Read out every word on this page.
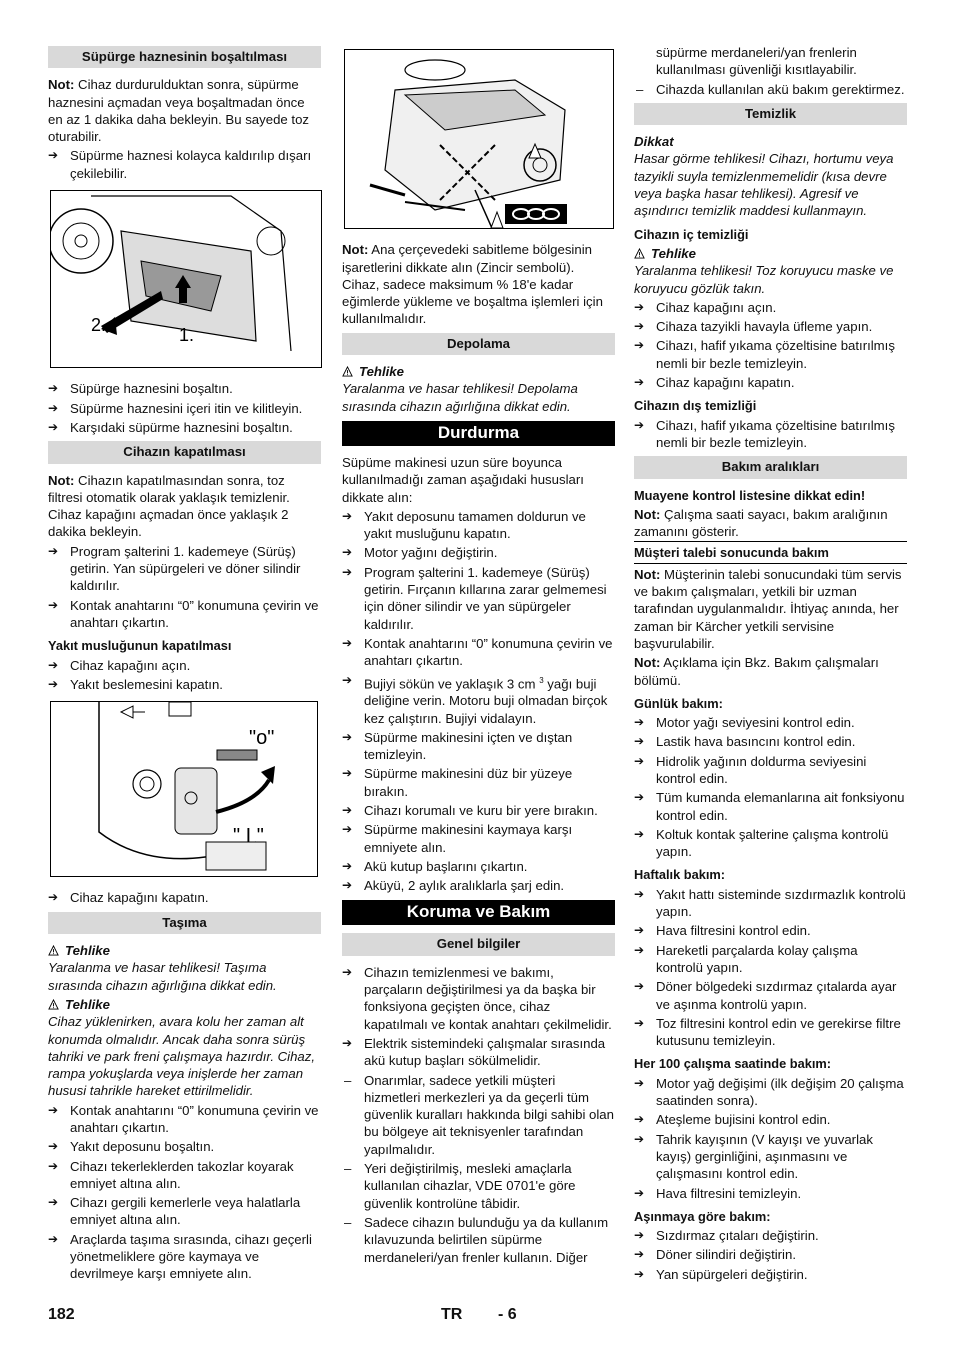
Süpürge haznesinin boşaltılması

Not: Cihaz durdurulduktan sonra, süpürme haznesini açmadan veya boşaltmadan önce en az 1 dakika daha bekleyin. Bu sayede toz oturabilir.

➔ Süpürme haznesi kolayca kaldırılıp dışarı çekilebilir.
2.	1.
➔ Süpürge haznesini boşaltın.
➔ Süpürme haznesini içeri itin ve kilitleyin.
➔ Karşıdaki süpürme haznesini boşaltın.
Cihazın kapatılması

Not: Cihazın kapatılmasından sonra, toz filtresi otomatik olarak yaklaşık temizlenir. Cihaz kapağını açmadan önce yaklaşık 2 dakika bekleyin.

➔ Program şalterini 1. kademeye (Sürüş) getirin. Yan süpürgeleri ve döner silindir kaldırılır.
➔ Kontak anahtarını “0” konumuna çevirin ve anahtarı çıkartın.
Yakıt musluğunun kapatılması
➔ Cihaz kapağını açın.
➔ Yakıt beslemesini kapatın.
"o"
" I "
➔ Cihaz kapağını kapatın.
Taşıma
Tehlike

Yaralanma ve hasar tehlikesi! Taşıma sırasında cihazın ağırlığına dikkat edin.

Tehlike

Cihaz yüklenirken, avara kolu her zaman alt konumda olmalıdır. Ancak daha sonra sürüş tahriki ve park freni çalışmaya hazırdır. Cihaz, rampa yokuşlarda veya inişlerde her zaman hususi tahrikle hareket ettirilmelidir.

➔ Kontak anahtarını “0” konumuna çevirin ve anahtarı çıkartın.
➔ Yakıt deposunu boşaltın.
➔ Cihazı tekerleklerden takozlar koyarak emniyet altına alın.
➔ Cihazı gergili kemerlerle veya halatlarla emniyet altına alın.
➔ Araçlarda taşıma sırasında, cihazı geçerli yönetmeliklere göre kaymaya ve devrilmeye karşı emniyete alın.

Not: Ana çerçevedeki sabitleme bölgesinin işaretlerini dikkate alın (Zincir sembolü). Cihaz, sadece maksimum % 18'e kadar eğimlerde yükleme ve boşaltma işlemleri için kullanılmalıdır.

Depolama
Tehlike

Yaralanma ve hasar tehlikesi! Depolama sırasında cihazın ağırlığına dikkat edin.

Durdurma

Süpüme makinesi uzun süre boyunca kullanılmadığı zaman aşağıdaki hususları dikkate alın:

➔ Yakıt deposunu tamamen doldurun ve yakıt musluğunu kapatın.
➔ Motor yağını değiştirin.
➔ Program şalterini 1. kademeye (Sürüş) getirin. Fırçanın kıllarına zarar gelmemesi için döner silindir ve yan süpürgeler kaldırılır.
➔ Kontak anahtarını “0” konumuna çevirin ve anahtarı çıkartın.
➔ Bujiyi sökün ve yaklaşık 3 cm $^3$ yağı buji deliğine verin. Motoru buji olmadan birçok kez çalıştırın. Bujiyi vidalayın.
➔ Süpürme makinesini içten ve dıştan temizleyin.
➔ Süpürme makinesini düz bir yüzeye bırakın.
➔ Cihazı korumalı ve kuru bir yere bırakın.
➔ Süpürme makinesini kaymaya karşı emniyete alın.
➔ Akü kutup başlarını çıkartın.
➔ Aküyü, 2 aylık aralıklarla şarj edin.
Koruma ve Bakım
Genel bilgiler
➔ Cihazın temizlenmesi ve bakımı, parçaların değiştirilmesi ya da başka bir fonksiyona geçişten önce, cihaz kapatılmalı ve kontak anahtarı çekilmelidir.
➔ Elektrik sistemindeki çalışmalar sırasında akü kutup başları sökülmelidir.
– Onarımlar, sadece yetkili müşteri hizmetleri merkezleri ya da geçerli tüm güvenlik kuralları hakkında bilgi sahibi olan bu bölgeye ait teknisyenler tarafından yapılmalıdır.
– Yeri değiştirilmiş, mesleki amaçlarla kullanılan cihazlar, VDE 0701'e göre güvenlik kontrolüne tâbidir.
– Sadece cihazın bulunduğu ya da kullanım kılavuzunda belirtilen süpürme merdaneleri/yan frenler kullanın. Diğer

süpürme merdaneleri/yan frenlerin kullanılması güvenliği kısıtlayabilir.

– Cihazda kullanılan akü bakım gerektirmez.
Temizlik
Dikkat

Hasar görme tehlikesi! Cihazı, hortumu veya tazyikli suyla temizlenmemelidir (kısa devre veya başka hasar tehlikesi). Agresif ve aşındırıcı temizlik maddesi kullanmayın.

Cihazın iç temizliği
Tehlike

Yaralanma tehlikesi! Toz koruyucu maske ve koruyucu gözlük takın.

➔ Cihaz kapağını açın.
➔ Cihaza tazyikli havayla üfleme yapın.
➔ Cihazı, hafif yıkama çözeltisine batırılmış nemli bir bezle temizleyin.
➔ Cihaz kapağını kapatın.
Cihazın dış temizliği
➔ Cihazı, hafif yıkama çözeltisine batırılmış nemli bir bezle temizleyin.
Bakım aralıkları
Muayene kontrol listesine dikkat edin!

Not: Çalışma saati sayacı, bakım aralığının zamanını gösterir.

Müşteri talebi sonucunda bakım

Not: Müşterinin talebi sonucundaki tüm servis ve bakım çalışmaları, yetkili bir uzman tarafından uygulanmalıdır. İhtiyaç anında, her zaman bir Kärcher yetkili servisine başvurulabilir.

Not: Açıklama için Bkz. Bakım çalışmaları bölümü.

Günlük bakım:
➔ Motor yağı seviyesini kontrol edin.
➔ Lastik hava basıncını kontrol edin.
➔ Hidrolik yağının doldurma seviyesini kontrol edin.
➔ Tüm kumanda elemanlarına ait fonksiyonu kontrol edin.
➔ Koltuk kontak şalterine çalışma kontrolü yapın.
Haftalık bakım:
➔ Yakıt hattı sisteminde sızdırmazlık kontrolü yapın.
➔ Hava filtresini kontrol edin.
➔ Hareketli parçalarda kolay çalışma kontrolü yapın.
➔ Döner bölgedeki sızdırmaz çıtalarda ayar ve aşınma kontrolü yapın.
➔ Toz filtresini kontrol edin ve gerekirse filtre kutusunu temizleyin.
Her 100 çalışma saatinde bakım:
➔ Motor yağ değişimi (ilk değişim 20 çalışma saatinden sonra).
➔ Ateşleme bujisini kontrol edin.
➔ Tahrik kayışının (V kayışı ve yuvarlak kayış) gerginliğini, aşınmasını ve çalışmasını kontrol edin.
➔ Hava filtresini temizleyin.
Aşınmaya göre bakım:
➔ Sızdırmaz çıtaları değiştirin.
➔ Döner silindiri değiştirin.
➔ Yan süpürgeleri değiştirin.
182	TR - 6
